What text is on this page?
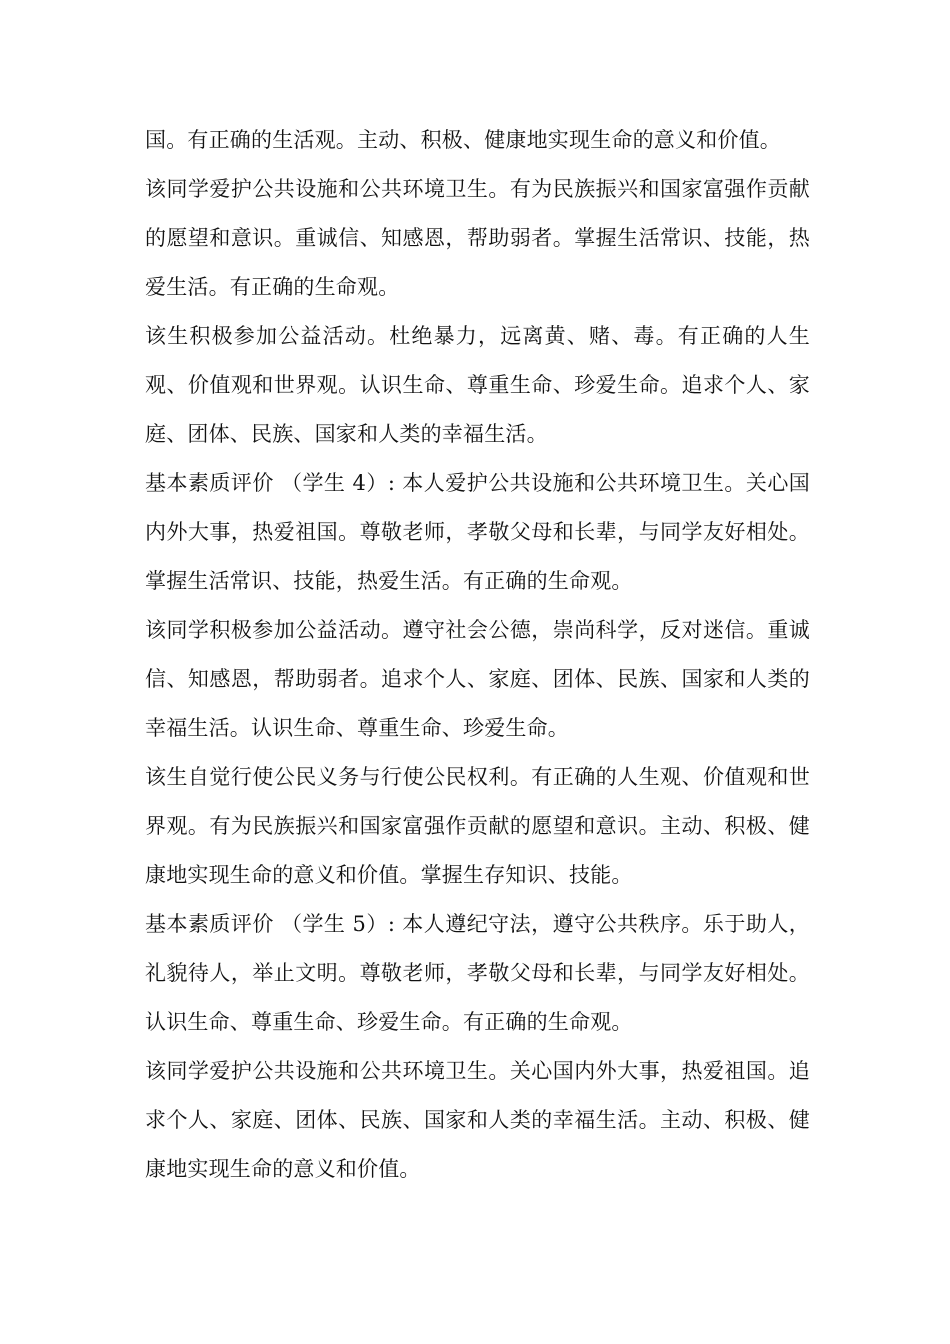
国。有正确的生活观。主动、积极、健康地实现生命的意义和价值。

该同学爱护公共设施和公共环境卫生。有为民族振兴和国家富强作贡献的愿望和意识。重诚信、知感恩，帮助弱者。掌握生活常识、技能，热爱生活。有正确的生命观。

该生积极参加公益活动。杜绝暴力，远离黄、赌、毒。有正确的人生观、价值观和世界观。认识生命、尊重生命、珍爱生命。追求个人、家庭、团体、民族、国家和人类的幸福生活。

基本素质评价 （学生 4）: 本人爱护公共设施和公共环境卫生。关心国内外大事，热爱祖国。尊敬老师，孝敬父母和长辈，与同学友好相处。掌握生活常识、技能，热爱生活。有正确的生命观。

该同学积极参加公益活动。遵守社会公德，崇尚科学，反对迷信。重诚信、知感恩，帮助弱者。追求个人、家庭、团体、民族、国家和人类的幸福生活。认识生命、尊重生命、珍爱生命。

该生自觉行使公民义务与行使公民权利。有正确的人生观、价值观和世界观。有为民族振兴和国家富强作贡献的愿望和意识。主动、积极、健康地实现生命的意义和价值。掌握生存知识、技能。

基本素质评价 （学生 5）: 本人遵纪守法，遵守公共秩序。乐于助人，礼貌待人，举止文明。尊敬老师，孝敬父母和长辈，与同学友好相处。认识生命、尊重生命、珍爱生命。有正确的生命观。

该同学爱护公共设施和公共环境卫生。关心国内外大事，热爱祖国。追求个人、家庭、团体、民族、国家和人类的幸福生活。主动、积极、健康地实现生命的意义和价值。
